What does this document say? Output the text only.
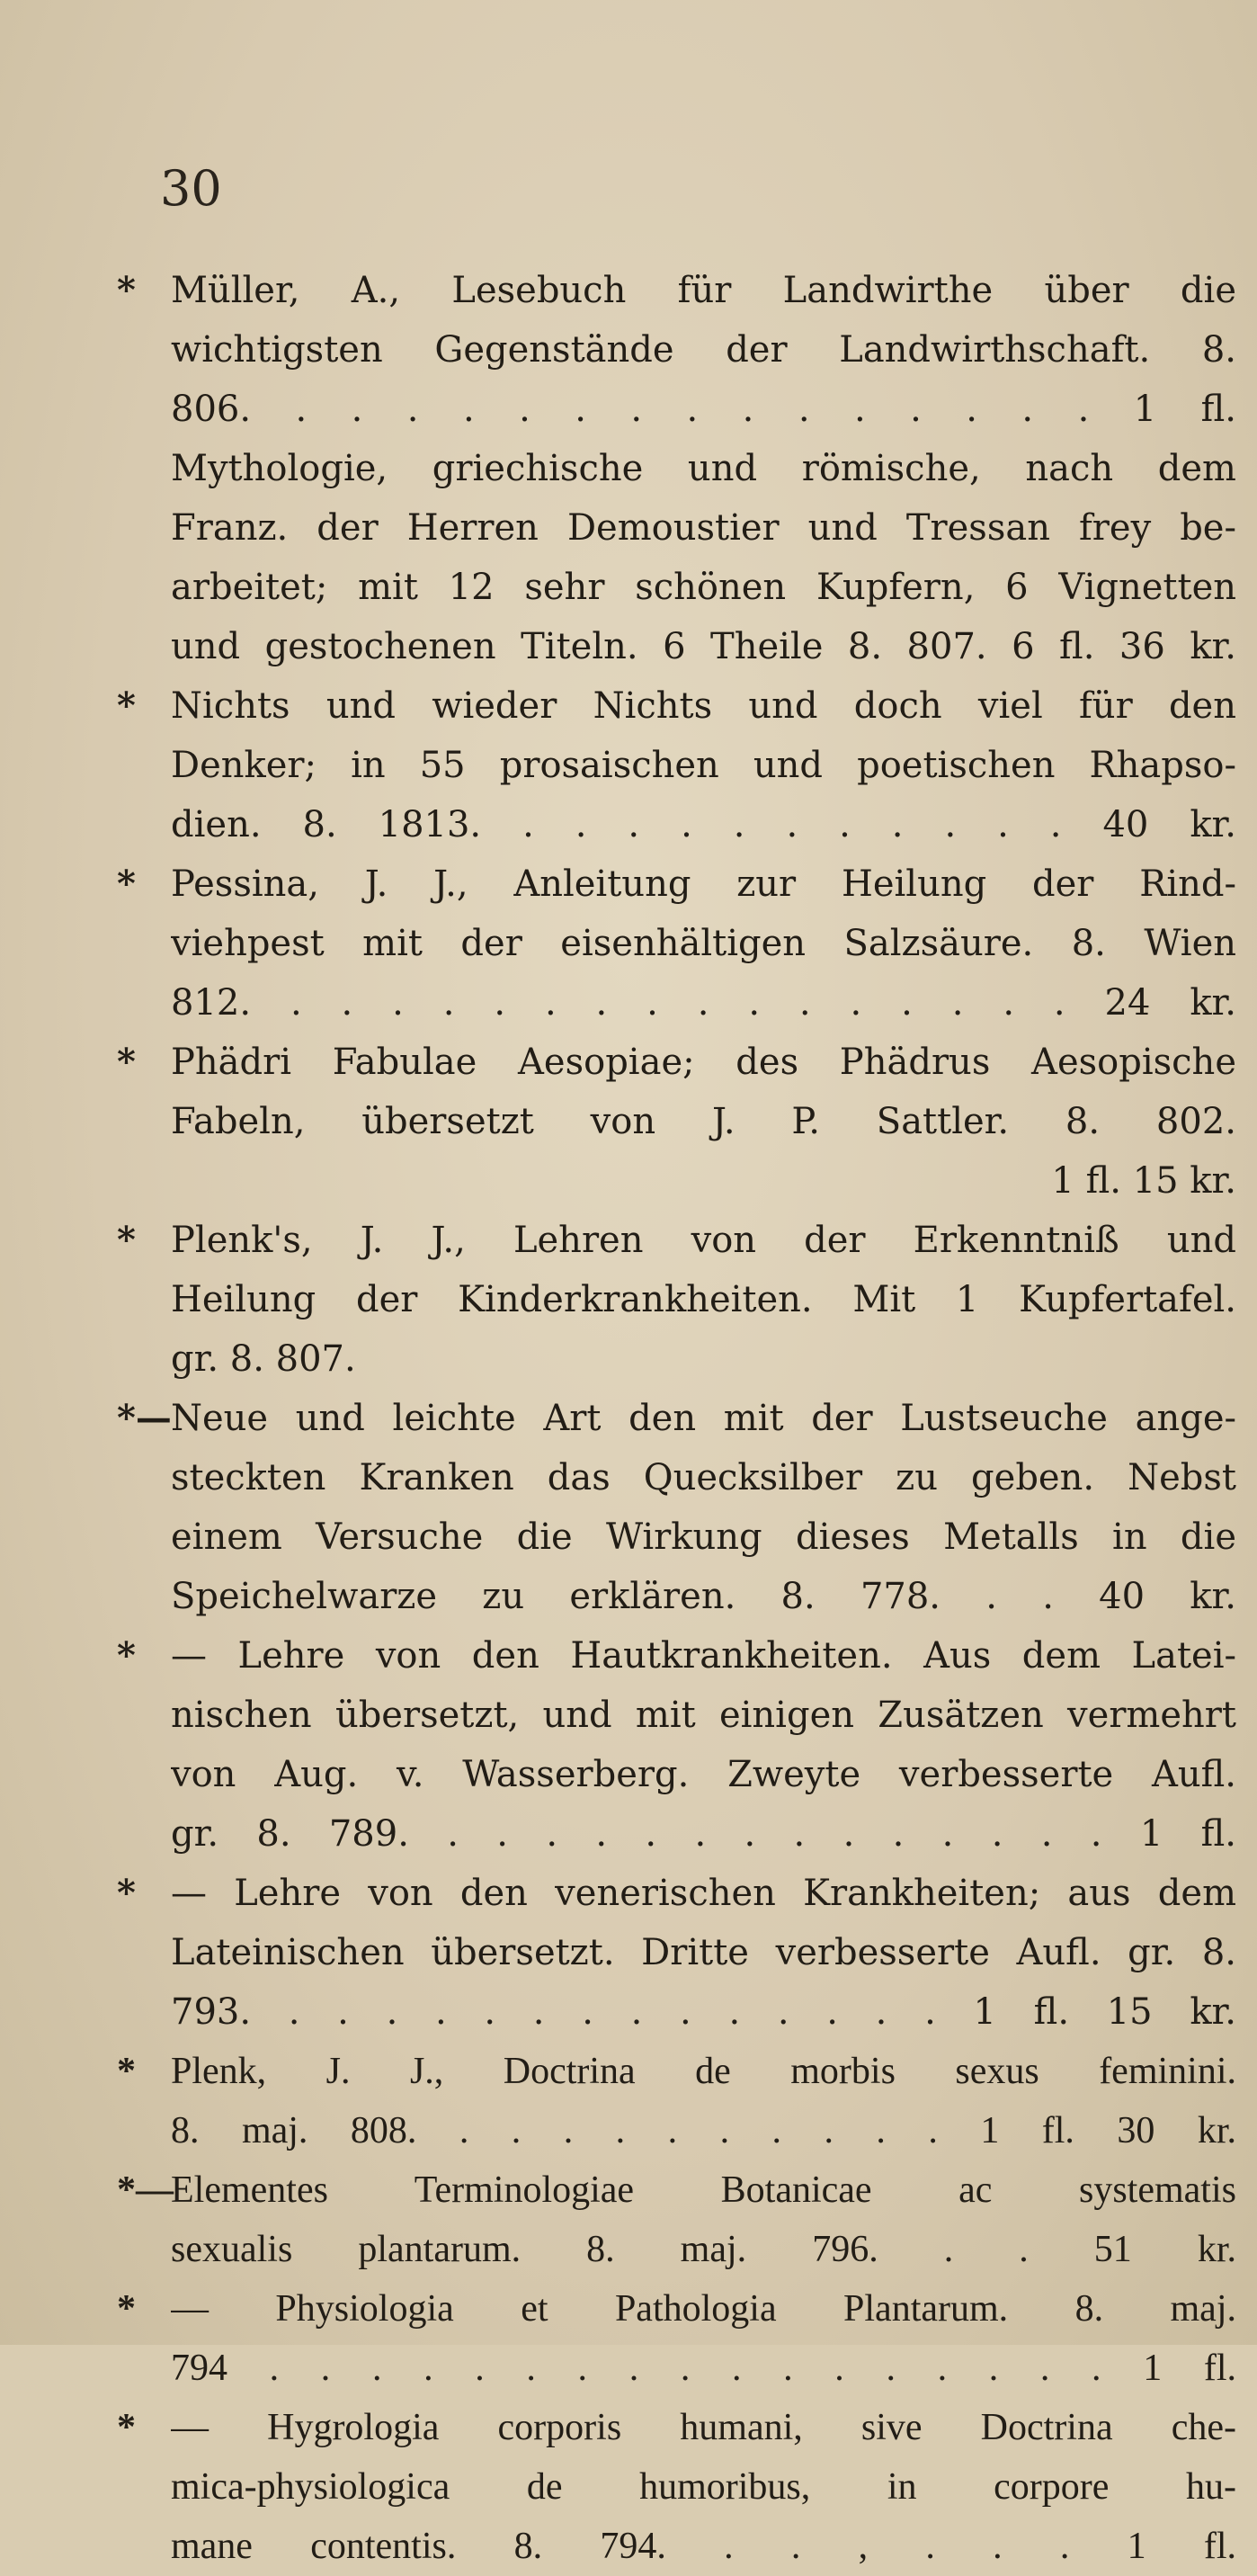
30
* Müller, A., Lesebuch für Landwirthe über die
wichtigsten Gegenstände der Landwirthschaft. 8.
806. . . . . . . . . . . . . . . . 1 fl.
Mythologie, griechische und römische, nach dem
Franz. der Herren Demoustier und Tressan frey be-
arbeitet; mit 12 sehr schönen Kupfern, 6 Vignetten
und gestochenen Titeln. 6 Theile 8. 807. 6 fl. 36 kr.
* Nichts und wieder Nichts und doch viel für den
Denker; in 55 prosaischen und poetischen Rhapso-
dien. 8. 1813. . . . . . . . . . . . 40 kr.
* Pessina, J. J., Anleitung zur Heilung der Rind-
viehpest mit der eisenhältigen Salzsäure. 8. Wien
812. . . . . . . . . . . . . . . . . 24 kr.
* Phädri Fabulae Aesopiae; des Phädrus Aesopische
Fabeln, übersetzt von J. P. Sattler. 8. 802.
1 fl. 15 kr.
* Plenk's, J. J., Lehren von der Erkenntniß und
Heilung der Kinderkrankheiten. Mit 1 Kupfertafel.
gr. 8. 807.
*— Neue und leichte Art den mit der Lustseuche ange-
steckten Kranken das Quecksilber zu geben. Nebst
einem Versuche die Wirkung dieses Metalls in die
Speichelwarze zu erklären. 8. 778. . . 40 kr.
* — Lehre von den Hautkrankheiten. Aus dem Latei-
nischen übersetzt, und mit einigen Zusätzen vermehrt
von Aug. v. Wasserberg. Zweyte verbesserte Aufl.
gr. 8. 789. . . . . . . . . . . . . . . 1 fl.
* — Lehre von den venerischen Krankheiten; aus dem
Lateinischen übersetzt. Dritte verbesserte Aufl. gr. 8.
793. . . . . . . . . . . . . . . 1 fl. 15 kr.
* Plenk, J. J., Doctrina de morbis sexus feminini.
8. maj. 808. . . . . . . . . . . 1 fl. 30 kr.
*—
Elementes Terminologiae Botanicae ac systematis
sexualis plantarum. 8. maj. 796. . . 51 kr.
* — Physiologia et Pathologia Plantarum. 8. maj.
794 . . . . . . . . . . . . . . . . . 1 fl.
* — Hygrologia corporis humani, sive Doctrina che-
mica-physiologica de humoribus, in corpore hu-
mane contentis. 8. 794. . . , . . . 1 fl.
